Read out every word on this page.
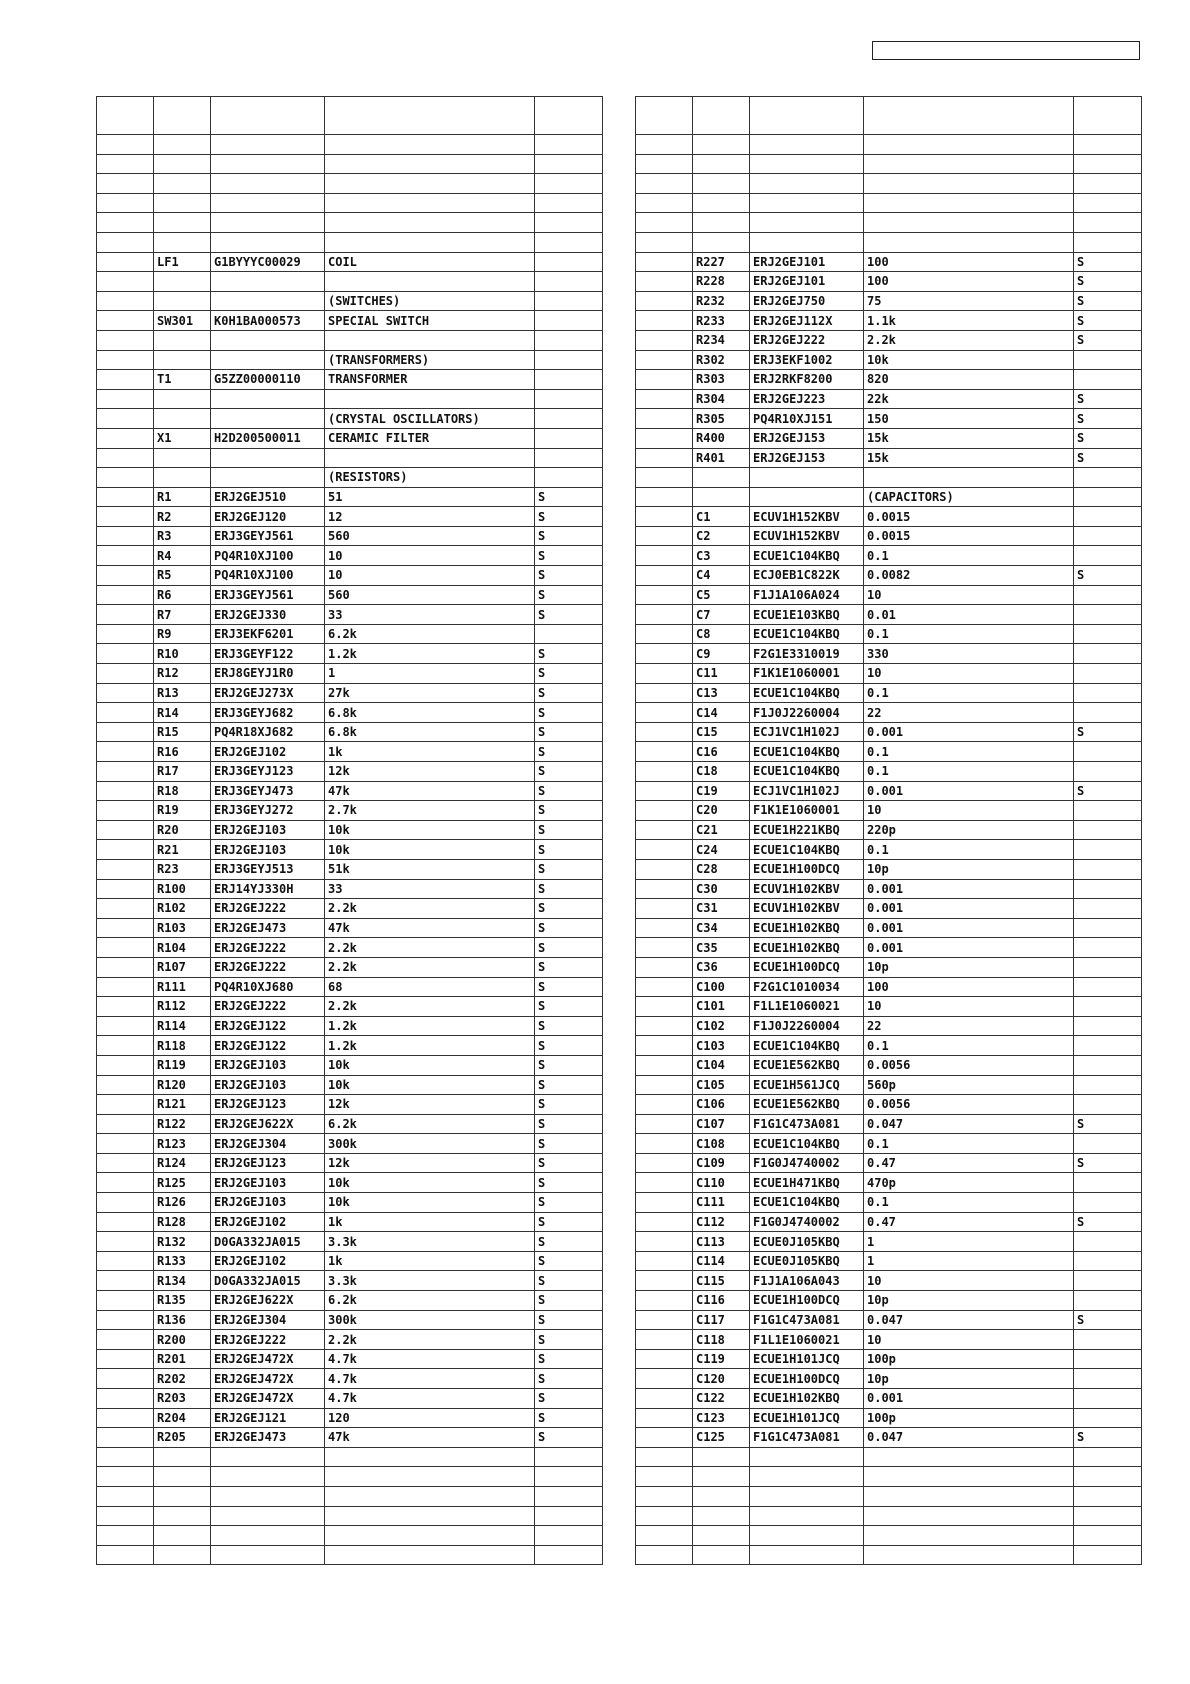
	LF1	G1BYYYC00029	COIL	

			(SWITCHES)	
	SW301	K0H1BA000573	SPECIAL SWITCH	

			(TRANSFORMERS)	
	T1	G5ZZ00000110	TRANSFORMER	

			(CRYSTAL OSCILLATORS)	
	X1	H2D200500011	CERAMIC FILTER	

			(RESISTORS)	
	R1	ERJ2GEJ510	51	S
	R2	ERJ2GEJ120	12	S
	R3	ERJ3GEYJ561	560	S
	R4	PQ4R10XJ100	10	S
	R5	PQ4R10XJ100	10	S
	R6	ERJ3GEYJ561	560	S
	R7	ERJ2GEJ330	33	S
	R9	ERJ3EKF6201	6.2k	
	R10	ERJ3GEYF122	1.2k	S
	R12	ERJ8GEYJ1R0	1	S
	R13	ERJ2GEJ273X	27k	S
	R14	ERJ3GEYJ682	6.8k	S
	R15	PQ4R18XJ682	6.8k	S
	R16	ERJ2GEJ102	1k	S
	R17	ERJ3GEYJ123	12k	S
	R18	ERJ3GEYJ473	47k	S
	R19	ERJ3GEYJ272	2.7k	S
	R20	ERJ2GEJ103	10k	S
	R21	ERJ2GEJ103	10k	S
	R23	ERJ3GEYJ513	51k	S
	R100	ERJ14YJ330H	33	S
	R102	ERJ2GEJ222	2.2k	S
	R103	ERJ2GEJ473	47k	S
	R104	ERJ2GEJ222	2.2k	S
	R107	ERJ2GEJ222	2.2k	S
	R111	PQ4R10XJ680	68	S
	R112	ERJ2GEJ222	2.2k	S
	R114	ERJ2GEJ122	1.2k	S
	R118	ERJ2GEJ122	1.2k	S
	R119	ERJ2GEJ103	10k	S
	R120	ERJ2GEJ103	10k	S
	R121	ERJ2GEJ123	12k	S
	R122	ERJ2GEJ622X	6.2k	S
	R123	ERJ2GEJ304	300k	S
	R124	ERJ2GEJ123	12k	S
	R125	ERJ2GEJ103	10k	S
	R126	ERJ2GEJ103	10k	S
	R128	ERJ2GEJ102	1k	S
	R132	D0GA332JA015	3.3k	S
	R133	ERJ2GEJ102	1k	S
	R134	D0GA332JA015	3.3k	S
	R135	ERJ2GEJ622X	6.2k	S
	R136	ERJ2GEJ304	300k	S
	R200	ERJ2GEJ222	2.2k	S
	R201	ERJ2GEJ472X	4.7k	S
	R202	ERJ2GEJ472X	4.7k	S
	R203	ERJ2GEJ472X	4.7k	S
	R204	ERJ2GEJ121	120	S
	R205	ERJ2GEJ473	47k	S

	R227	ERJ2GEJ101	100	S
	R228	ERJ2GEJ101	100	S
	R232	ERJ2GEJ750	75	S
	R233	ERJ2GEJ112X	1.1k	S
	R234	ERJ2GEJ222	2.2k	S
	R302	ERJ3EKF1002	10k	
	R303	ERJ2RKF8200	820	
	R304	ERJ2GEJ223	22k	S
	R305	PQ4R10XJ151	150	S
	R400	ERJ2GEJ153	15k	S
	R401	ERJ2GEJ153	15k	S

			(CAPACITORS)	
	C1	ECUV1H152KBV	0.0015	
	C2	ECUV1H152KBV	0.0015	
	C3	ECUE1C104KBQ	0.1	
	C4	ECJ0EB1C822K	0.0082	S
	C5	F1J1A106A024	10	
	C7	ECUE1E103KBQ	0.01	
	C8	ECUE1C104KBQ	0.1	
	C9	F2G1E3310019	330	
	C11	F1K1E1060001	10	
	C13	ECUE1C104KBQ	0.1	
	C14	F1J0J2260004	22	
	C15	ECJ1VC1H102J	0.001	S
	C16	ECUE1C104KBQ	0.1	
	C18	ECUE1C104KBQ	0.1	
	C19	ECJ1VC1H102J	0.001	S
	C20	F1K1E1060001	10	
	C21	ECUE1H221KBQ	220p	
	C24	ECUE1C104KBQ	0.1	
	C28	ECUE1H100DCQ	10p	
	C30	ECUV1H102KBV	0.001	
	C31	ECUV1H102KBV	0.001	
	C34	ECUE1H102KBQ	0.001	
	C35	ECUE1H102KBQ	0.001	
	C36	ECUE1H100DCQ	10p	
	C100	F2G1C1010034	100	
	C101	F1L1E1060021	10	
	C102	F1J0J2260004	22	
	C103	ECUE1C104KBQ	0.1	
	C104	ECUE1E562KBQ	0.0056	
	C105	ECUE1H561JCQ	560p	
	C106	ECUE1E562KBQ	0.0056	
	C107	F1G1C473A081	0.047	S
	C108	ECUE1C104KBQ	0.1	
	C109	F1G0J4740002	0.47	S
	C110	ECUE1H471KBQ	470p	
	C111	ECUE1C104KBQ	0.1	
	C112	F1G0J4740002	0.47	S
	C113	ECUE0J105KBQ	1	
	C114	ECUE0J105KBQ	1	
	C115	F1J1A106A043	10	
	C116	ECUE1H100DCQ	10p	
	C117	F1G1C473A081	0.047	S
	C118	F1L1E1060021	10	
	C119	ECUE1H101JCQ	100p	
	C120	ECUE1H100DCQ	10p	
	C122	ECUE1H102KBQ	0.001	
	C123	ECUE1H101JCQ	100p	
	C125	F1G1C473A081	0.047	S
